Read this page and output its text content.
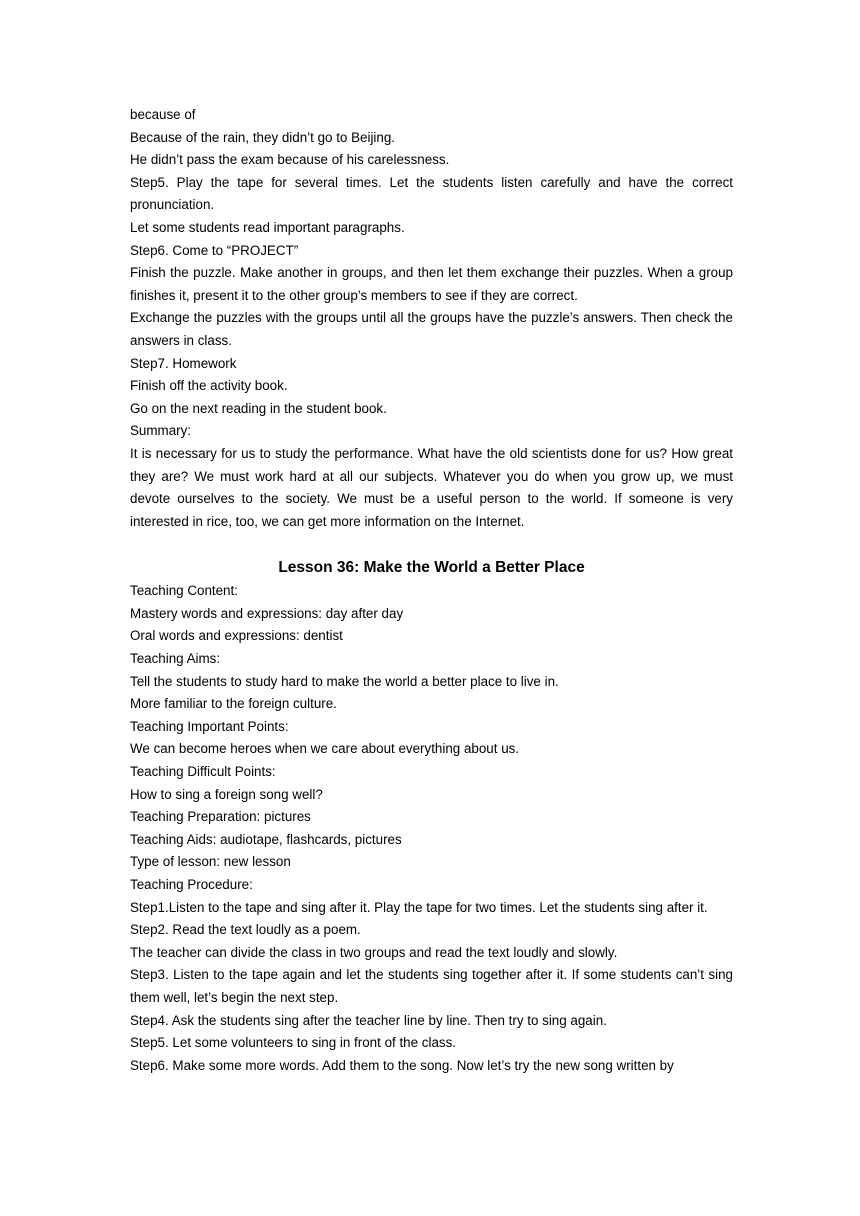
because of

Because of the rain, they didn’t go to Beijing.

He didn’t pass the exam because of his carelessness.

Step5. Play the tape for several times. Let the students listen carefully and have the correct pronunciation.

Let some students read important paragraphs.

Step6. Come to “PROJECT”

Finish the puzzle. Make another in groups, and then let them exchange their puzzles. When a group finishes it, present it to the other group’s members to see if they are correct.

Exchange the puzzles with the groups until all the groups have the puzzle’s answers. Then check the answers in class.

Step7. Homework

Finish off the activity book.

Go on the next reading in the student book.

Summary:

It is necessary for us to study the performance. What have the old scientists done for us? How great they are? We must work hard at all our subjects. Whatever you do when you grow up, we must devote ourselves to the society. We must be a useful person to the world. If someone is very interested in rice, too, we can get more information on the Internet.

Lesson 36: Make the World a Better Place

Teaching Content:

Mastery words and expressions: day after day

Oral words and expressions: dentist

Teaching Aims:

Tell the students to study hard to make the world a better place to live in.

More familiar to the foreign culture.

Teaching Important Points:

We can become heroes when we care about everything about us.

Teaching Difficult Points:

How to sing a foreign song well?

Teaching Preparation: pictures

Teaching Aids: audiotape, flashcards, pictures

Type of lesson: new lesson

Teaching Procedure:

Step1.Listen to the tape and sing after it. Play the tape for two times. Let the students sing after it.

Step2. Read the text loudly as a poem.

The teacher can divide the class in two groups and read the text loudly and slowly.

Step3. Listen to the tape again and let the students sing together after it. If some students can’t sing them well, let’s begin the next step.

Step4. Ask the students sing after the teacher line by line. Then try to sing again.

Step5. Let some volunteers to sing in front of the class.

Step6. Make some more words. Add them to the song. Now let’s try the new song written by
